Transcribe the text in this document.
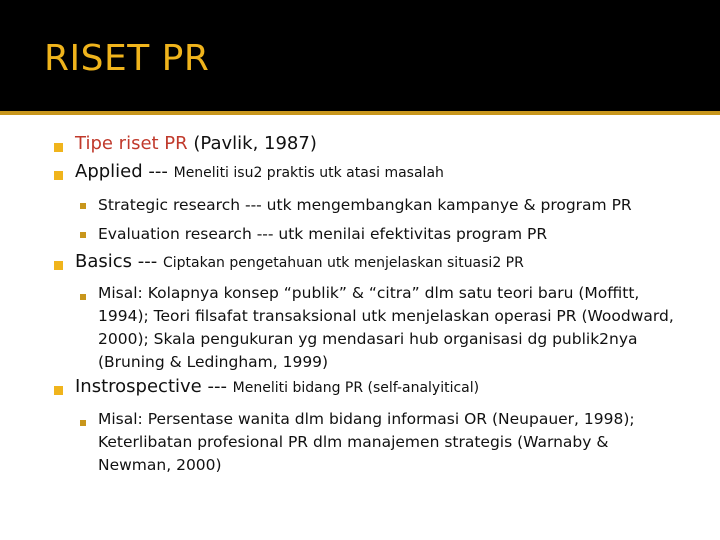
RISET PR
Tipe riset PR (Pavlik, 1987)
Applied --- Meneliti isu2 praktis utk atasi masalah
Strategic research --- utk mengembangkan kampanye & program PR
Evaluation research --- utk menilai efektivitas program PR
Basics --- Ciptakan pengetahuan utk menjelaskan situasi2 PR
Misal: Kolapnya konsep “publik” & “citra” dlm satu teori baru (Moffitt, 1994); Teori filsafat transaksional utk menjelaskan operasi PR (Woodward, 2000); Skala pengukuran yg mendasari hub organisasi dg publik2nya (Bruning & Ledingham, 1999)
Instrospective --- Meneliti bidang PR (self-analyitical)
Misal: Persentase wanita dlm bidang informasi OR (Neupauer, 1998); Keterlibatan profesional PR dlm manajemen strategis (Warnaby & Newman, 2000)
